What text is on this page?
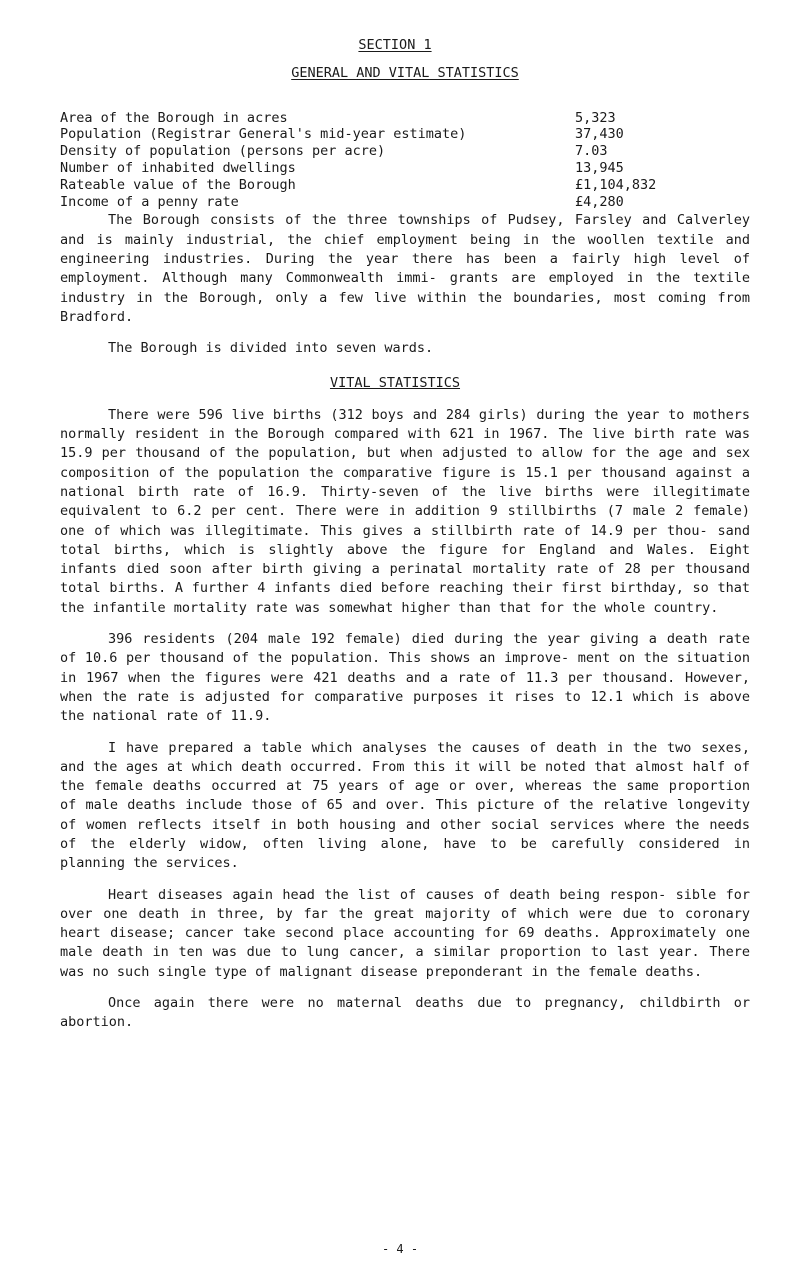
SECTION 1

GENERAL AND VITAL STATISTICS

Area of the Borough in acres	5,323
Population (Registrar General's mid-year estimate)	37,430
Density of population (persons per acre)	7.03
Number of inhabited dwellings	13,945
Rateable value of the Borough	£1,104,832
Income of a penny rate	£4,280

The Borough consists of the three townships of Pudsey, Farsley and Calverley and is mainly industrial, the chief employment being in the woollen textile and engineering industries. During the year there has been a fairly high level of employment. Although many Commonwealth immi- grants are employed in the textile industry in the Borough, only a few live within the boundaries, most coming from Bradford.

The Borough is divided into seven wards.

VITAL STATISTICS

There were 596 live births (312 boys and 284 girls) during the year to mothers normally resident in the Borough compared with 621 in 1967. The live birth rate was 15.9 per thousand of the population, but when adjusted to allow for the age and sex composition of the population the comparative figure is 15.1 per thousand against a national birth rate of 16.9. Thirty-seven of the live births were illegitimate equivalent to 6.2 per cent. There were in addition 9 stillbirths (7 male 2 female) one of which was illegitimate. This gives a stillbirth rate of 14.9 per thou- sand total births, which is slightly above the figure for England and Wales. Eight infants died soon after birth giving a perinatal mortality rate of 28 per thousand total births. A further 4 infants died before reaching their first birthday, so that the infantile mortality rate was somewhat higher than that for the whole country.

396 residents (204 male 192 female) died during the year giving a death rate of 10.6 per thousand of the population. This shows an improve- ment on the situation in 1967 when the figures were 421 deaths and a rate of 11.3 per thousand. However, when the rate is adjusted for comparative purposes it rises to 12.1 which is above the national rate of 11.9.

I have prepared a table which analyses the causes of death in the two sexes, and the ages at which death occurred. From this it will be noted that almost half of the female deaths occurred at 75 years of age or over, whereas the same proportion of male deaths include those of 65 and over. This picture of the relative longevity of women reflects itself in both housing and other social services where the needs of the elderly widow, often living alone, have to be carefully considered in planning the services.

Heart diseases again head the list of causes of death being respon- sible for over one death in three, by far the great majority of which were due to coronary heart disease; cancer take second place accounting for 69 deaths. Approximately one male death in ten was due to lung cancer, a similar proportion to last year. There was no such single type of malignant disease preponderant in the female deaths.

Once again there were no maternal deaths due to pregnancy, childbirth or abortion.

- 4 -
